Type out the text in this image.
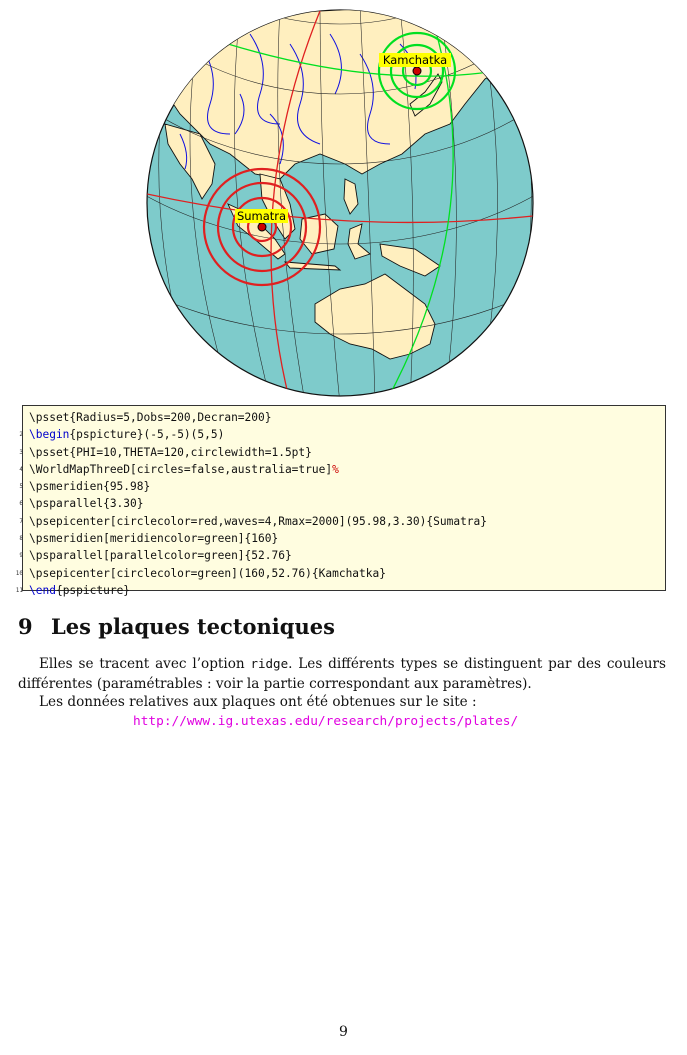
Sumatra
Kamchatka
\psset{Radius=5,Dobs=200,Decran=200}
2 \begin{pspicture}(-5,-5)(5,5)
3 \psset{PHI=10,THETA=120,circlewidth=1.5pt}
4 \WorldMapThreeD[circles=false,australia=true]%
5 \psmeridien{95.98}
6 \psparallel{3.30}
7 \psepicenter[circlecolor=red,waves=4,Rmax=2000](95.98,3.30){Sumatra}
8 \psmeridien[meridiencolor=green]{160}
9 \psparallel[parallelcolor=green]{52.76}
10 \psepicenter[circlecolor=green](160,52.76){Kamchatka}
11 \end{pspicture}
9 Les plaques tectoniques

Elles se tracent avec l’option ridge. Les différents types se distinguent par des couleurs différentes (paramétrables : voir la partie correspondant aux paramètres).

Les données relatives aux plaques ont été obtenues sur le site :

http://www.ig.utexas.edu/research/projects/plates/
9
